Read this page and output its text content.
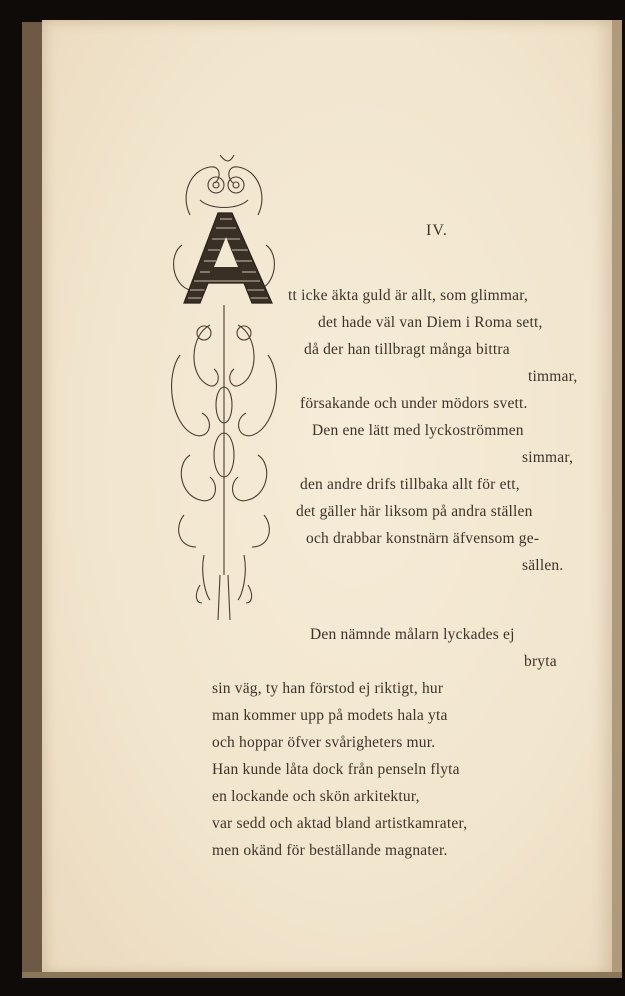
IV.
tt icke äkta guld är allt, som glimmar,
det hade väl van Diem i Roma sett,
då der han tillbragt många bittra
timmar,
försakande och under mödors svett.
Den ene lätt med lyckoströmmen
simmar,
den andre drifs tillbaka allt för ett,
det gäller här liksom på andra ställen
och drabbar konstnärn äfvensom ge-
sällen.
Den nämnde målarn lyckades ej
bryta
sin väg, ty han förstod ej riktigt, hur
man kommer upp på modets hala yta
och hoppar öfver svårigheters mur.
Han kunde låta dock från penseln flyta
en lockande och skön arkitektur,
var sedd och aktad bland artistkamrater,
men okänd för beställande magnater.
